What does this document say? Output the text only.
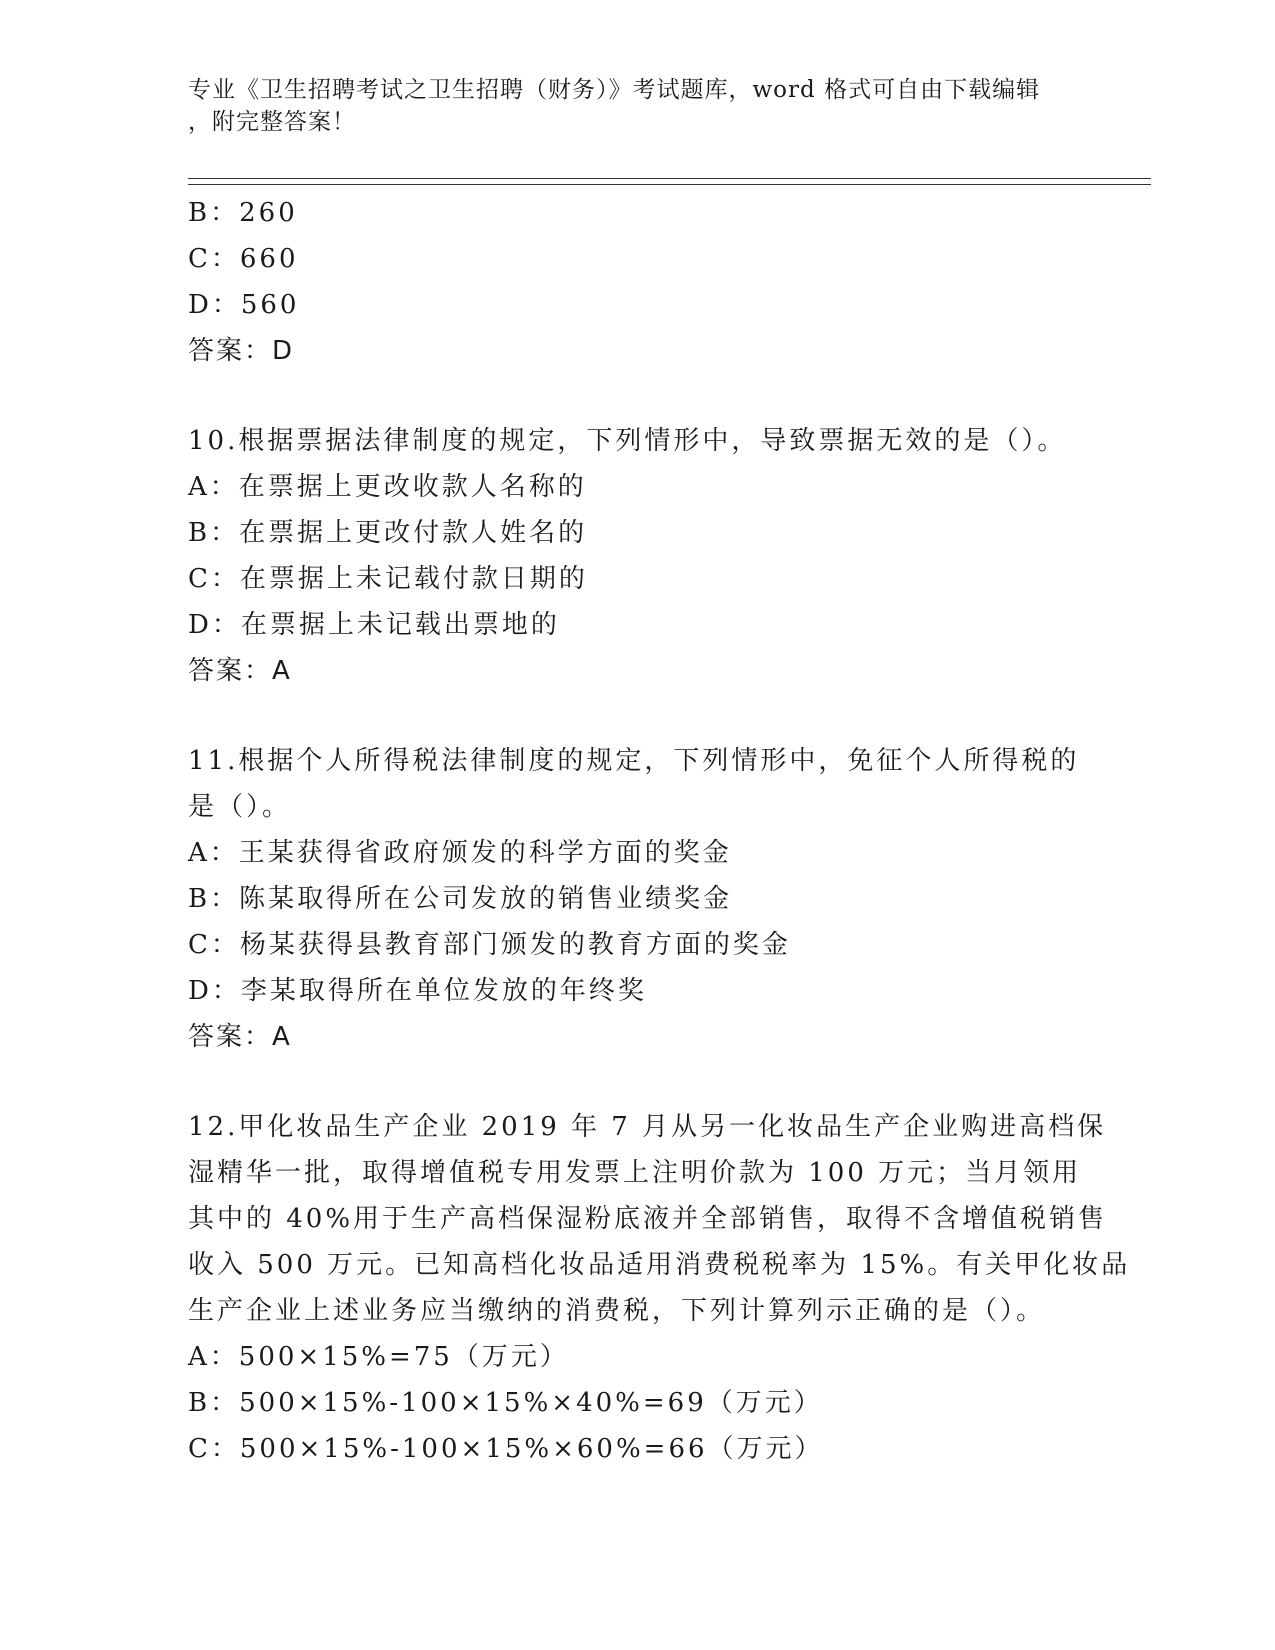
专业《卫生招聘考试之卫生招聘（财务）》考试题库，word 格式可自由下载编辑
，附完整答案！
B：260
C：660
D：560
答案：D
10.根据票据法律制度的规定，下列情形中，导致票据无效的是（）。
A：在票据上更改收款人名称的
B：在票据上更改付款人姓名的
C：在票据上未记载付款日期的
D：在票据上未记载出票地的
答案：A
11.根据个人所得税法律制度的规定，下列情形中，免征个人所得税的
是（）。
A：王某获得省政府颁发的科学方面的奖金
B：陈某取得所在公司发放的销售业绩奖金
C：杨某获得县教育部门颁发的教育方面的奖金
D：李某取得所在单位发放的年终奖
答案：A
12.甲化妆品生产企业 2019 年 7 月从另一化妆品生产企业购进高档保
湿精华一批，取得增值税专用发票上注明价款为 100 万元；当月领用
其中的 40%用于生产高档保湿粉底液并全部销售，取得不含增值税销售
收入 500 万元。已知高档化妆品适用消费税税率为 15%。有关甲化妆品
生产企业上述业务应当缴纳的消费税，下列计算列示正确的是（）。
A：500×15%=75（万元）
B：500×15%-100×15%×40%=69（万元）
C：500×15%-100×15%×60%=66（万元）
